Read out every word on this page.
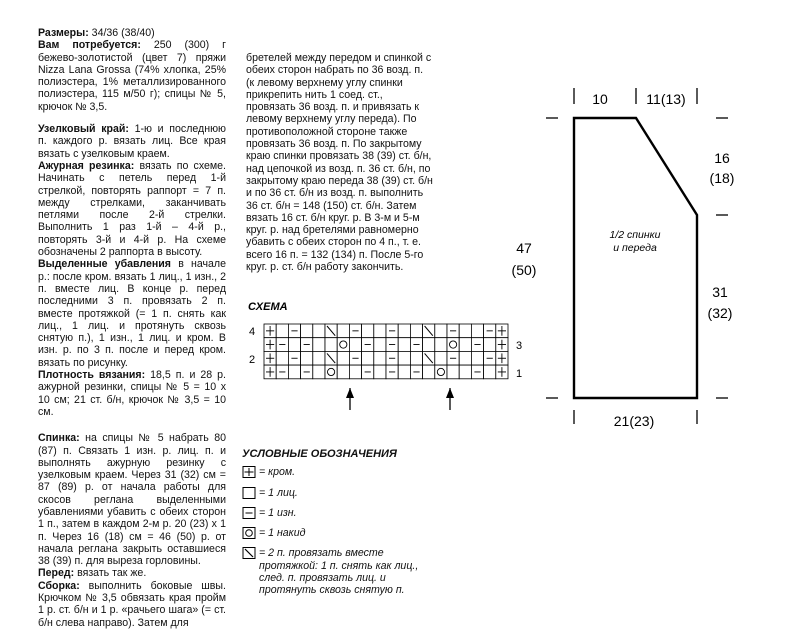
Размеры: 34/36 (38/40)

Вам потребуется: 250 (300) г бежево-золотистой (цвет 7) пряжи Nizza Lana Grossa (74% хлопка, 25% полиэстера, 1% металлизированного полиэстера, 115 м/50 г); спицы № 5, крючок № 3,5.

Узелковый край: 1-ю и последнюю п. каждого р. вязать лиц. Все края вязать с узелковым краем.

Ажурная резинка: вязать по схеме. Начинать с петель перед 1-й стрелкой, повторять раппорт = 7 п. между стрелками, заканчивать петлями после 2-й стрелки. Выполнить 1 раз 1-й – 4-й р., повторять 3-й и 4-й р. На схеме обозначены 2 раппорта в высоту.

Выделенные убавления в начале р.: после кром. вязать 1 лиц., 1 изн., 2 п. вместе лиц. В конце р. перед последними 3 п. провязать 2 п. вместе протяжкой (= 1 п. снять как лиц., 1 лиц. и протянуть сквозь снятую п.), 1 изн., 1 лиц. и кром. В изн. р. по 3 п. после и перед кром. вязать по рисунку.

Плотность вязания: 18,5 п. и 28 р. ажурной резинки, спицы № 5 = 10 х 10 см; 21 ст. б/н, крючок № 3,5 = 10 см.

Спинка: на спицы № 5 набрать 80 (87) п. Связать 1 изн. р. лиц. п. и выполнять ажурную резинку с узелковым краем. Через 31 (32) см = 87 (89) р. от начала работы для скосов реглана выделенными убавлениями убавить с обеих сторон 1 п., затем в каждом 2-м р. 20 (23) х 1 п. Через 16 (18) см = 46 (50) р. от начала реглана закрыть оставшиеся 38 (39) п. для выреза горловины.

Перед: вязать так же.

Сборка: выполнить боковые швы. Крючком № 3,5 обвязать края пройм 1 р. ст. б/н и 1 р. «рачьего шага» (= ст. б/н слева направо). Затем для

бретелей между передом и спинкой с обеих сторон набрать по 36 возд. п. (к левому верхнему углу спинки прикрепить нить 1 соед. ст., провязать 36 возд. п. и привязать к левому верхнему углу переда). По противоположной стороне также провязать 36 возд. п. По закрытому краю спинки провязать 38 (39) ст. б/н, над цепочкой из возд. п. 36 ст. б/н, по закрытому краю переда 38 (39) ст. б/н и по 36 ст. б/н из возд. п. выполнить 36 ст. б/н = 148 (150) ст. б/н. Затем вязать 16 ст. б/н круг. р. В 3-м и 5-м круг. р. над бретелями равномерно убавить с обеих сторон по 4 п., т. е. всего 16 п. = 132 (134) п. После 5-го круг. р. ст. б/н работу закончить.

СХЕМА
4
2
3
1
УСЛОВНЫЕ ОБОЗНАЧЕНИЯ
= кром.
= 1 лиц.
= 1 изн.
= 1 накид
= 2 п. провязать вместе протяжкой: 1 п. снять как лиц., след. п. провязать лиц. и протянуть сквозь снятую п.
10	11(13)
16
(18)
47
(50)
31
(32)
21(23)
1/2 спинки
и переда
